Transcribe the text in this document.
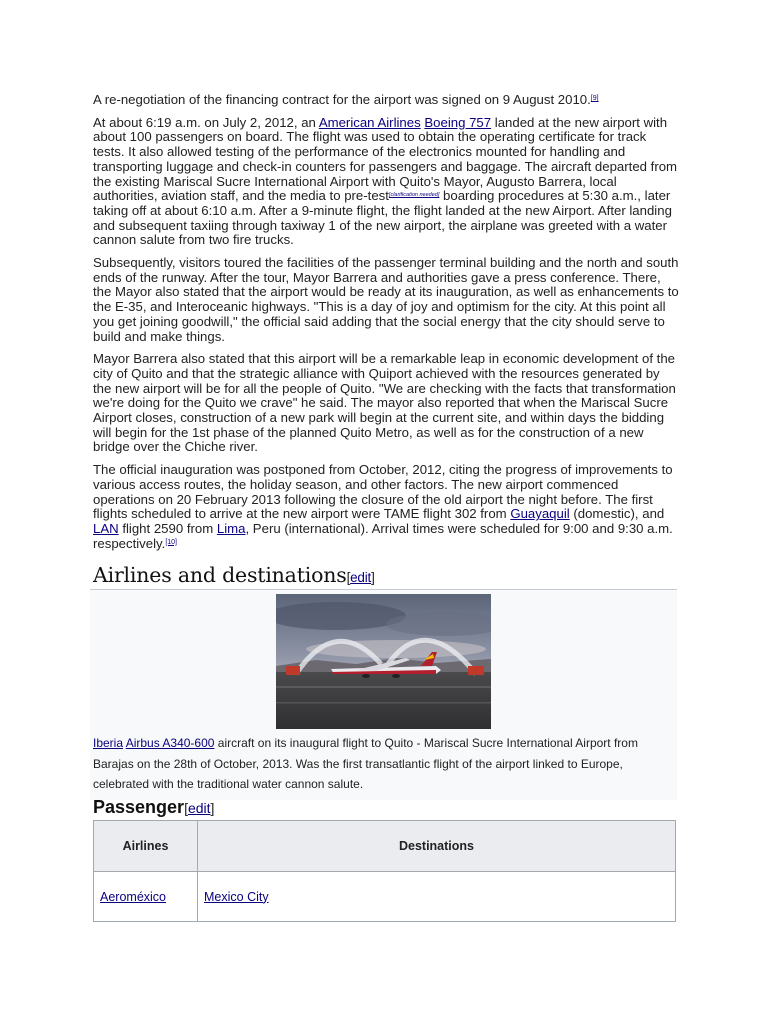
A re-negotiation of the financing contract for the airport was signed on 9 August 2010.[9]

At about 6:19 a.m. on July 2, 2012, an American Airlines Boeing 757 landed at the new airport with about 100 passengers on board. The flight was used to obtain the operating certificate for track tests. It also allowed testing of the performance of the electronics mounted for handling and transporting luggage and check-in counters for passengers and baggage. The aircraft departed from the existing Mariscal Sucre International Airport with Quito's Mayor, Augusto Barrera, local authorities, aviation staff, and the media to pre-test[clarification needed] boarding procedures at 5:30 a.m., later taking off at about 6:10 a.m. After a 9-minute flight, the flight landed at the new Airport. After landing and subsequent taxiing through taxiway 1 of the new airport, the airplane was greeted with a water cannon salute from two fire trucks.

Subsequently, visitors toured the facilities of the passenger terminal building and the north and south ends of the runway. After the tour, Mayor Barrera and authorities gave a press conference. There, the Mayor also stated that the airport would be ready at its inauguration, as well as enhancements to the E-35, and Interoceanic highways. "This is a day of joy and optimism for the city. At this point all you get joining goodwill," the official said adding that the social energy that the city should serve to build and make things.

Mayor Barrera also stated that this airport will be a remarkable leap in economic development of the city of Quito and that the strategic alliance with Quiport achieved with the resources generated by the new airport will be for all the people of Quito. "We are checking with the facts that transformation we're doing for the Quito we crave" he said. The mayor also reported that when the Mariscal Sucre Airport closes, construction of a new park will begin at the current site, and within days the bidding will begin for the 1st phase of the planned Quito Metro, as well as for the construction of a new bridge over the Chiche river.

The official inauguration was postponed from October, 2012, citing the progress of improvements to various access routes, the holiday season, and other factors. The new airport commenced operations on 20 February 2013 following the closure of the old airport the night before. The first flights scheduled to arrive at the new airport were TAME flight 302 from Guayaquil (domestic), and LAN flight 2590 from Lima, Peru (international). Arrival times were scheduled for 9:00 and 9:30 a.m. respectively.[10]

Airlines and destinations[edit]
Iberia Airbus A340-600 aircraft on its inaugural flight to Quito - Mariscal Sucre International Airport from Barajas on the 28th of October, 2013. Was the first transatlantic flight of the airport linked to Europe, celebrated with the traditional water cannon salute.
Passenger[edit]
Airlines	Destinations
Aeroméxico	Mexico City
